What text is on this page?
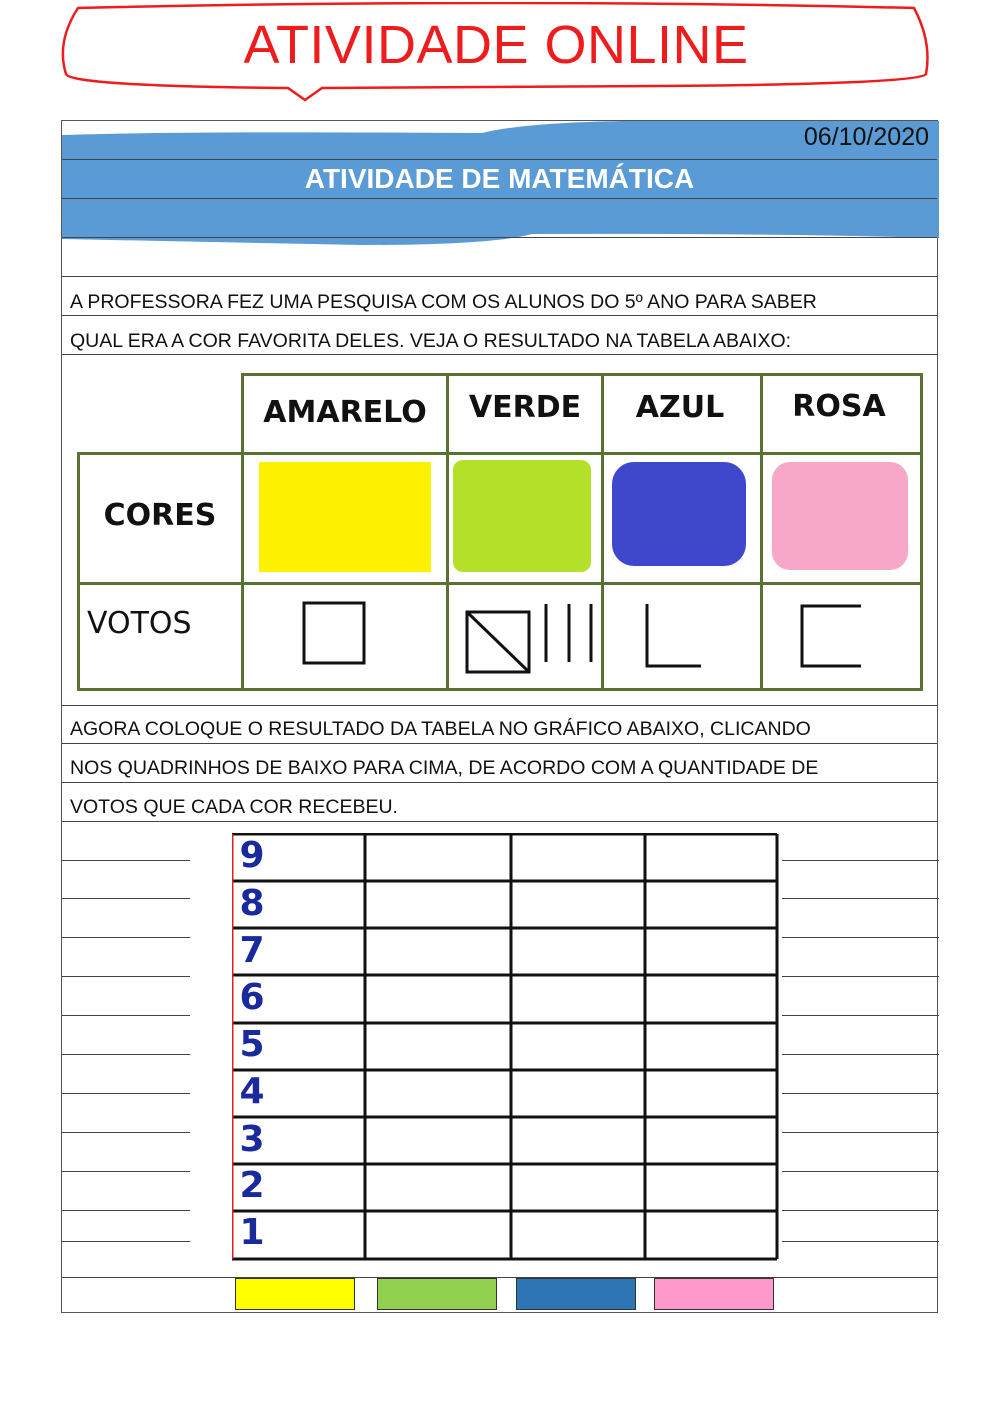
ATIVIDADE ONLINE
06/10/2020
ATIVIDADE DE MATEMÁTICA
A PROFESSORA FEZ UMA PESQUISA COM OS ALUNOS DO 5º ANO PARA SABER
QUAL ERA A COR FAVORITA DELES. VEJA O RESULTADO NA TABELA ABAIXO:
AMARELO	VERDE	AZUL	ROSA
CORES
VOTOS
AGORA COLOQUE O RESULTADO DA TABELA NO GRÁFICO ABAIXO, CLICANDO
NOS QUADRINHOS DE BAIXO PARA CIMA, DE ACORDO COM A QUANTIDADE DE
VOTOS QUE CADA COR RECEBEU.
9
8
7
6
5
4
3
2
1
